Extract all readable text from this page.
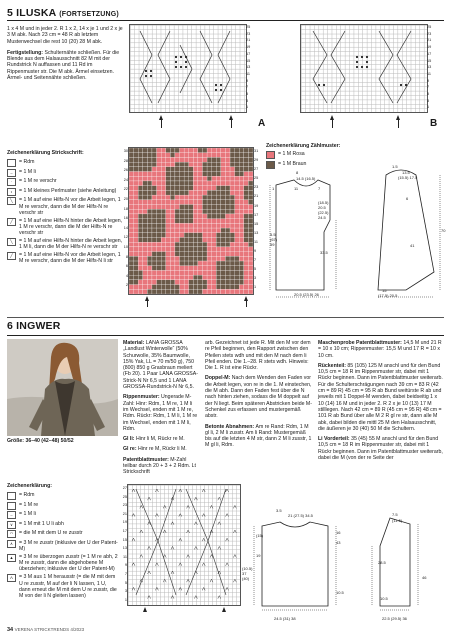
5 ILUSKA (FORTSETZUNG)
1 x 4 M und in jeder 2. R 1 x 2, 14 x je 1 und 2 x je 3 M abk. Nach 23 cm = 48 R ab letztem Musterwechsel die rest 10 (20) 28 M abk.
Fertigstellung: Schulternähte schließen. Für die Blende aus dem Halsausschnitt 82 M mit der Rundstrick N auffassen und 11 Rd im Rippenmuster str. Die M abk. Ärmel einsetzen. Ärmel- und Seitennähte schließen.
25
23
21
19
17
15
13
11
9
7
5
3
1
A
25
23
21
19
17
15
13
11
9
7
5
3
1
B
Zeichenerklärung Strickschrift:
= Rdm
–	= 1 M li
·	= 1 M re verschr
•	= 1 M kleines Perlmuster (siehe Anleitung)
╲	= 1 M auf eine Hilfs-N vor die Arbeit legen, 1 M re verschr, dann die M der Hilfs-N re verschr str
╱	= 1 M auf eine Hilfs-N hinter die Arbeit legen, 1 M re verschr, dann die M der Hilfs-N re verschr str
╲	= 1 M auf eine Hilfs-N hinter die Arbeit legen, 1 M li, dann die M der Hilfs-N re verschr str
╱	= 1 M auf eine Hilfs-N vor die Arbeit legen, 1 M re verschr, dann die M der Hilfs-N li str
30
28
26
24
22
20
18
16
14
12
10
8
6
4
2
31
29
27
25
23
21
19
17
15
13
11
9
7
5
3
1
Zeichenerklärung Zählmuster:
= 1 M Rosa
= 1 M Braun	1.5
13.5
(15.5) 17.5
1
8
7
11
14.5 (16.5)
(18.5)
20.5
(22.5)
24.5
5.5
(67)
59
33.5
6
41
70
20.5 (23.5) 26
15
(17.5) 20.5
6 INGWER
Größe: 36–40 (42–48) 50/52
Material: LANA GROSSA „Landlust Winterwolle“ (50% Schurwolle, 35% Baumwolle, 15% Yak, LL = 70 m/50 g), 750 (800) 850 g Grasbraun meliert (Fb 20). 1 Paar LANA GROSSA-Strick-N Nr 6,5 und 1 LANA GROSSA-Rundstrick-N Nr 6,5.
Rippenmuster: Ungerade M-Zahl: Hinr: Rdm, 1 M re, 1 M li im Wechsel, enden mit 1 M re, Rdm. Rückr: Rdm, 1 M li, 1 M re im Wechsel, enden mit 1 M li, Rdm.
Gl li: Hinr li M, Rückr re M.
Gl re: Hinr re M, Rückr li M.
Patentblattmuster: M-Zahl teilbar durch 20 + 3 + 2 Rdm. Lt Strickschrift
arb. Gezeichnet ist jede R. Mit den M vor dem re Pfeil beginnen, den Rapport zwischen den Pfeilen stets wdh und mit den M nach dem li Pfeil enden. Die 1.–28. R stets wdh. Hinweis: Die 1. R ist eine Rückr.
Doppel-M: Nach dem Wenden den Faden vor die Arbeit legen, von re in die 1. M einstechen, die M abh. Dann den Faden fest über die N nach hinten ziehen, sodass die M doppelt auf der N liegt. Beim späteren Abstricken beide M-Schenkel zus erfassen und mustergemäß abstr.
Betonte Abnahmen: Am re Rand: Rdm, 1 M gl li, 2 M li zusstr. Am li Rand: Mustergemäß bis auf die letzten 4 M str, dann 2 M li zusstr, 1 M gl li, Rdm.
Maschenprobe Patentblattmuster: 14,5 M und 21 R = 10 x 10 cm; Rippenmuster: 15,5 M und 17 R = 10 x 10 cm.
Rückenteil: 85 (105) 125 M anschl und für den Bund 10,5 cm = 18 R im Rippenmuster str, dabei mit 1 Rückr beginnen. Dann im Patentblattmuster weiterarb. Für die Schulterschrägungen nach 39 cm = 83 R (42 cm = 89 R) 45 cm = 95 R ab Bund weitürste R ab und jeweils mit 1 Doppel-M wenden, dabei beidseitig 1 x 10 (14) 16 M und in jeder 2. R 2 x je 10 (13) 17 M stilllegen. Nach 42 cm = 89 R (45 cm = 95 R) 48 cm = 101 R ab Bund über alle M 2 R gl re str, dann alle M abk, dabei bilden die mittl 25 M den Halsausschnitt, die äußeren je 30 (40) 50 M die Schultern.
Li Vorderteil: 35 (45) 55 M anschl und für den Bund 10,5 cm = 18 R im Rippenmuster str, dabei mit 1 Rückr beginnen. Dann im Patentblattmuster weiterarb, dabei die M (von der re Seite der
Zeichenerklärung:
= Rdm
= 1 M re
–	= 1 M li
∨	= 1 M mit 1 U li abh
◠	= die M mit dem U re zusstr
∧	= 3 M re zusstr (inklusive der U der Patent-M)
▲	= 3 M re überzogen zusstr (= 1 M re abh, 2 M re zusstr, dann die abgehobene M überziehen; inklusive der U der Patent-M)
Λ	= 3 M aus 1 M herausstr (= die M mit dem U re zusstr, M auf der li N lassen, 1 U, dann erneut die M mit dem U re zusstr, die M von der li N gleiten lassen)
27
25
23
21
19
17
15
13
11
9
7
5
3
1
3.5
21 (27.5) 34.5
(15)
19
(10.5)
37
(40)
16
43
10.5
24.5 (31) 38
7.5
(11.5)
28.5
46
10.5
22.5 (29.5) 36
34 VERENA STRICKTRENDS 4/2023
